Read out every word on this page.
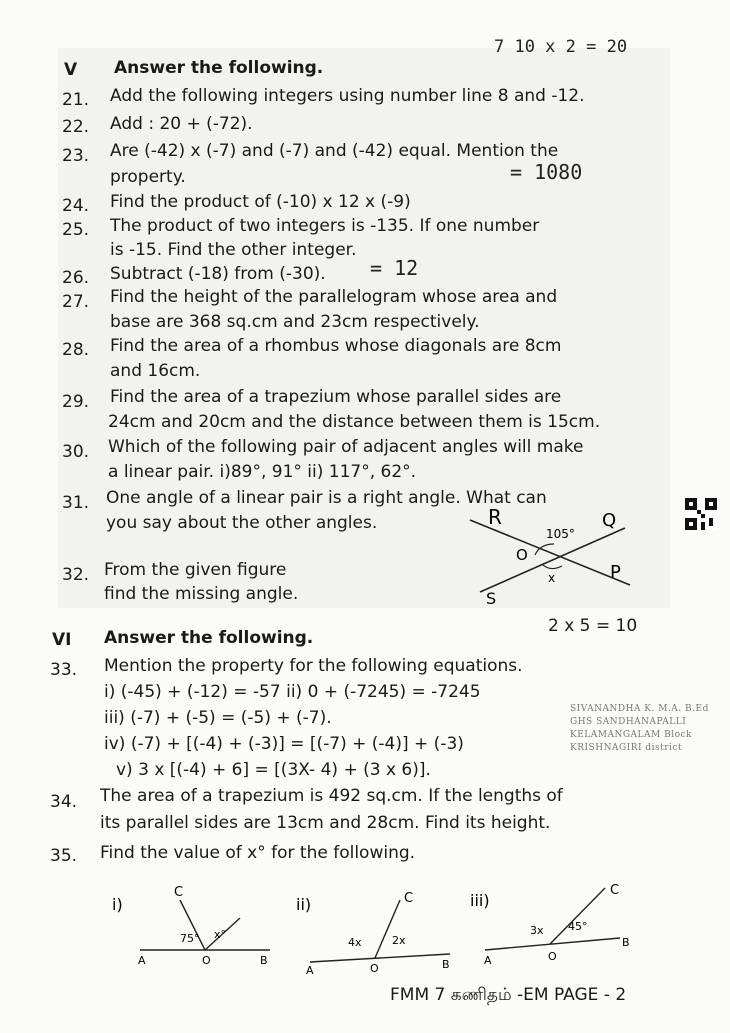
V Answer the following.
7 10 x 2 = 20
21. Add the following integers using number line 8 and -12.
22. Add : 20 + (-72).
23. Are (-42) x (-7) and (-7) and (-42) equal. Mention the
property.
24. Find the product of (-10) x 12 x (-9)
= 1080
25. The product of two integers is -135. If one number
is -15. Find the other integer.
26. Subtract (-18) from (-30). = 12
27. Find the height of the parallelogram whose area and
base are 368 sq.cm and 23cm respectively.
28. Find the area of a rhombus whose diagonals are 8cm
and 16cm.
29. Find the area of a trapezium whose parallel sides are
24cm and 20cm and the distance between them is 15cm.
30. Which of the following pair of adjacent angles will make
a linear pair. i)89°, 91° ii) 117°, 62°.
31. One angle of a linear pair is a right angle. What can
you say about the other angles.
32. From the given figure
find the missing angle.
R
105°
Q
P
S
O
x
VI Answer the following.
2 x 5 = 10
33. Mention the property for the following equations.
i) (-45) + (-12) = -57 ii) 0 + (-7245) = -7245
iii) (-7) + (-5) = (-5) + (-7).
iv) (-7) + [(-4) + (-3)] = [(-7) + (-4)] + (-3)
v) 3 x [(-4) + 6] = [(3X- 4) + (3 x 6)].
SIVANANDHA K. M.A. B.Ed
GHS SANDHANAPALLI
KELAMANGALAM Block
KRISHNAGIRI district
34. The area of a trapezium is 492 sq.cm. If the lengths of
its parallel sides are 13cm and 28cm. Find its height.
35. Find the value of x° for the following.
i)
C
75° x°
A	O	B
ii)	C
4x	2x
A	O	B
iii)
C
3x 45°
A	O
B
FMM 7 கணிதம் -EM PAGE - 2
